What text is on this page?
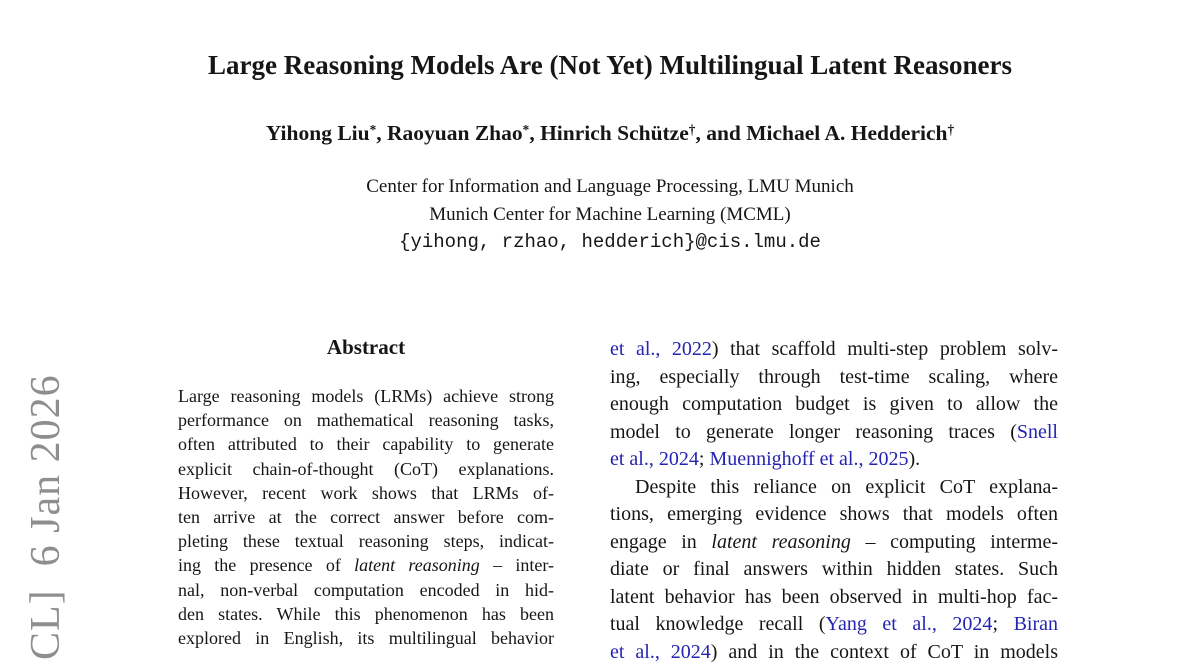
CL]  6 Jan 2026
Large Reasoning Models Are (Not Yet) Multilingual Latent Reasoners
Yihong Liu*, Raoyuan Zhao*, Hinrich Schütze†, and Michael A. Hedderich†
Center for Information and Language Processing, LMU Munich
Munich Center for Machine Learning (MCML)
{yihong, rzhao, hedderich}@cis.lmu.de
Abstract
Large reasoning models (LRMs) achieve strong
performance on mathematical reasoning tasks,
often attributed to their capability to generate
explicit chain-of-thought (CoT) explanations.
However, recent work shows that LRMs of-
ten arrive at the correct answer before com-
pleting these textual reasoning steps, indicat-
ing the presence of latent reasoning – inter-
nal, non-verbal computation encoded in hid-
den states. While this phenomenon has been
explored in English, its multilingual behavior
et al., 2022) that scaffold multi-step problem solv-
ing, especially through test-time scaling, where
enough computation budget is given to allow the
model to generate longer reasoning traces (Snell
et al., 2024; Muennighoff et al., 2025).
Despite this reliance on explicit CoT explana-
tions, emerging evidence shows that models often
engage in latent reasoning – computing interme-
diate or final answers within hidden states. Such
latent behavior has been observed in multi-hop fac-
tual knowledge recall (Yang et al., 2024; Biran
et al., 2024) and in the context of CoT in models
